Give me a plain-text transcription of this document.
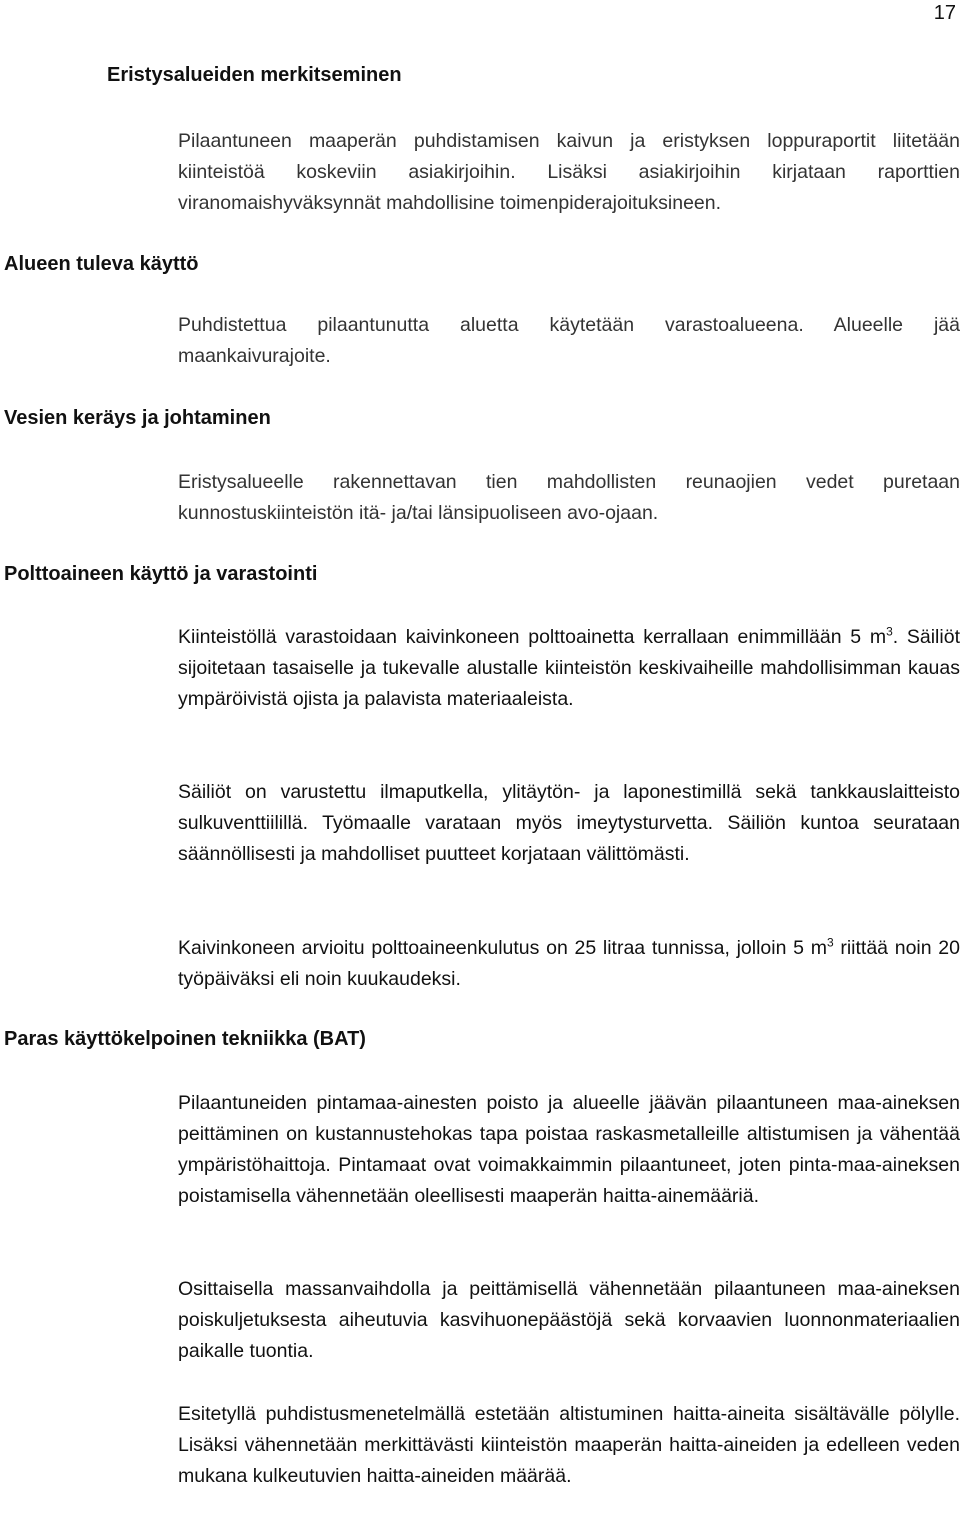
17
Eristysalueiden merkitseminen

Pilaantuneen maaperän puhdistamisen kaivun ja eristyksen loppuraportit liitetään kiinteistöä koskeviin asiakirjoihin. Lisäksi asiakirjoihin kirjataan raporttien viranomaishyväksynnät mahdollisine toimenpiderajoituksineen.

Alueen tuleva käyttö

Puhdistettua pilaantunutta aluetta käytetään varastoalueena. Alueelle jää maankaivurajoite.

Vesien keräys ja johtaminen

Eristysalueelle rakennettavan tien mahdollisten reunaojien vedet puretaan kunnostuskiinteistön itä- ja/tai länsipuoliseen avo-ojaan.

Polttoaineen käyttö ja varastointi

Kiinteistöllä varastoidaan kaivinkoneen polttoainetta kerrallaan enimmillään 5 $m^3$. Säiliöt sijoitetaan tasaiselle ja tukevalle alustalle kiinteistön keskivaiheille mahdollisimman kauas ympäröivistä ojista ja palavista materiaaleista.

Säiliöt on varustettu ilmaputkella, ylitäytön- ja laponestimillä sekä tankkauslaitteisto sulkuventtiilillä. Työmaalle varataan myös imeytysturvetta. Säiliön kuntoa seurataan säännöllisesti ja mahdolliset puutteet korjataan välittömästi.

Kaivinkoneen arvioitu polttoaineenkulutus on 25 litraa tunnissa, jolloin 5 $m^3$ riittää noin 20 työpäiväksi eli noin kuukaudeksi.

Paras käyttökelpoinen tekniikka (BAT)

Pilaantuneiden pintamaa-ainesten poisto ja alueelle jäävän pilaantuneen maa-aineksen peittäminen on kustannustehokas tapa poistaa raskasmetalleille altistumisen ja vähentää ympäristöhaittoja. Pintamaat ovat voimakkaimmin pilaantuneet, joten pinta-maa-aineksen poistamisella vähennetään oleellisesti maaperän haitta-ainemääriä.

Osittaisella massanvaihdolla ja peittämisellä vähennetään pilaantuneen maa-aineksen poiskuljetuksesta aiheutuvia kasvihuonepäästöjä sekä korvaavien luonnonmateriaalien paikalle tuontia.

Esitetyllä puhdistusmenetelmällä estetään altistuminen haitta-aineita sisältävälle pölylle. Lisäksi vähennetään merkittävästi kiinteistön maaperän haitta-aineiden ja edelleen veden mukana kulkeutuvien haitta-aineiden määrää.
